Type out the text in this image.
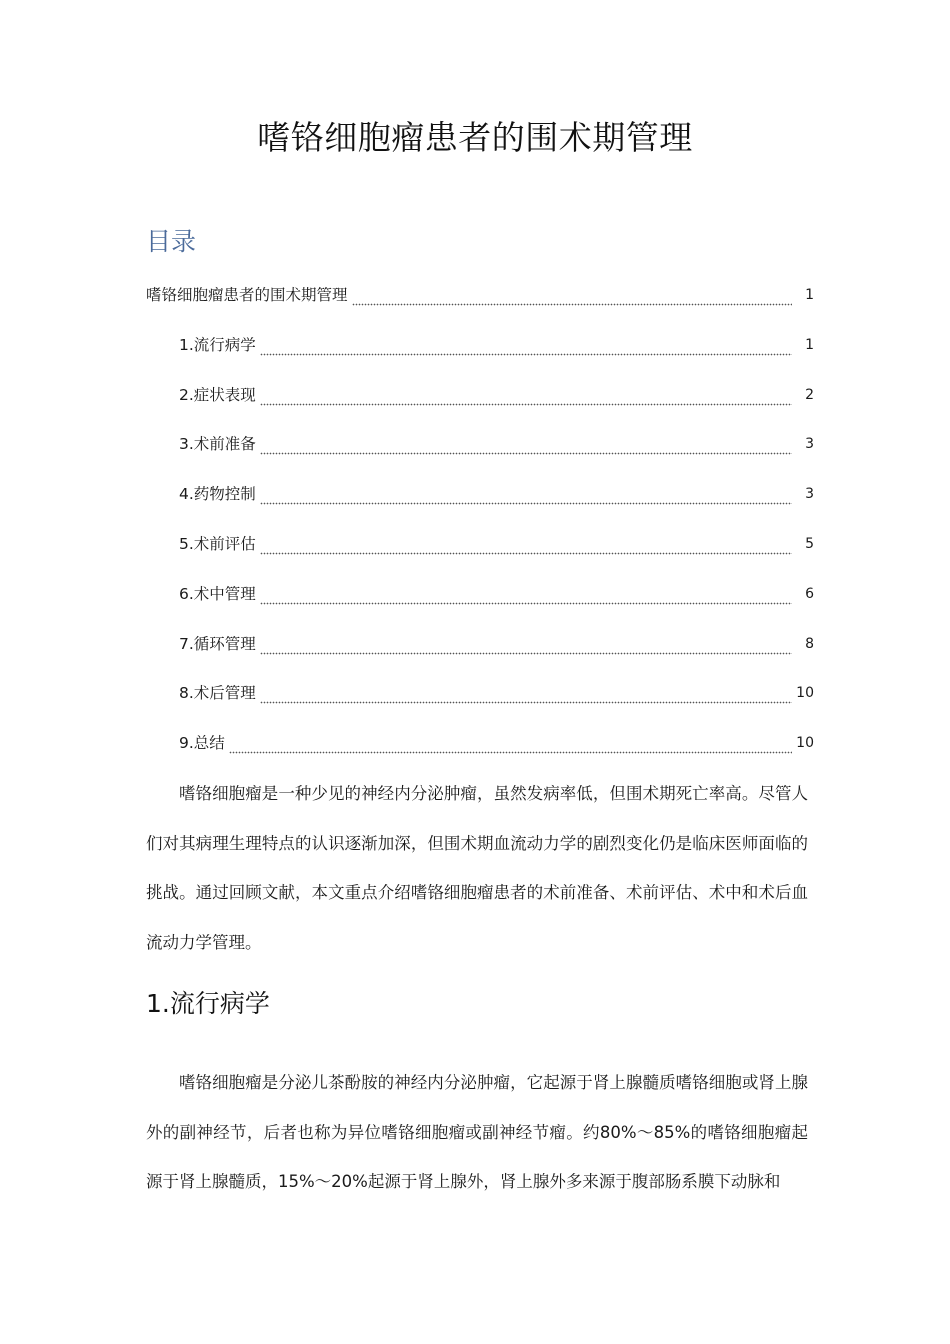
嗜铬细胞瘤患者的围术期管理
目录
嗜铬细胞瘤患者的围术期管理	1
1.流行病学	1
2.症状表现	2
3.术前准备	3
4.药物控制	3
5.术前评估	5
6.术中管理	6
7.循环管理	8
8.术后管理	10
9.总结	10

嗜铬细胞瘤是一种少见的神经内分泌肿瘤，虽然发病率低，但围术期死亡率高。尽管人们对其病理生理特点的认识逐渐加深，但围术期血流动力学的剧烈变化仍是临床医师面临的挑战。通过回顾文献，本文重点介绍嗜铬细胞瘤患者的术前准备、术前评估、术中和术后血流动力学管理。

1.流行病学

嗜铬细胞瘤是分泌儿茶酚胺的神经内分泌肿瘤，它起源于肾上腺髓质嗜铬细胞或肾上腺外的副神经节，后者也称为异位嗜铬细胞瘤或副神经节瘤。约80%～85%的嗜铬细胞瘤起源于肾上腺髓质，15%～20%起源于肾上腺外，肾上腺外多来源于腹部肠系膜下动脉和
